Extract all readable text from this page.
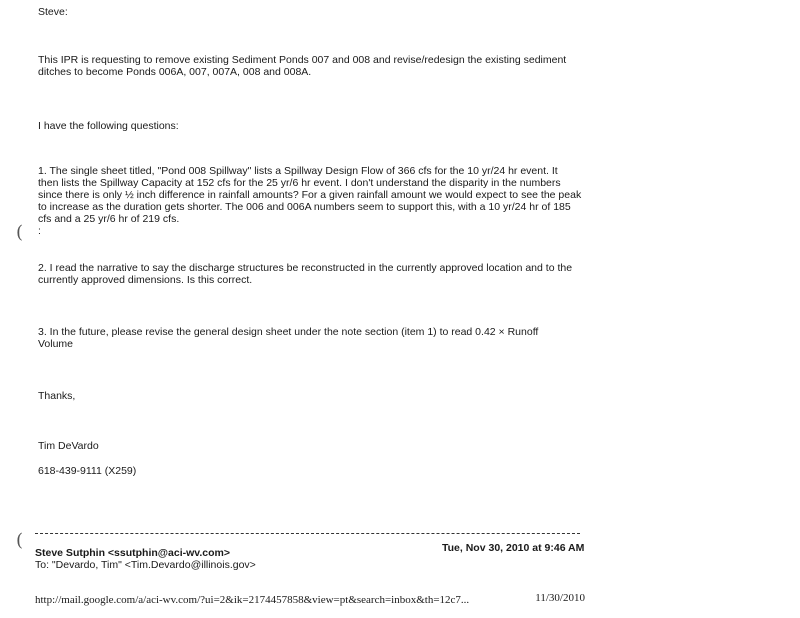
Steve:

This IPR is requesting to remove existing Sediment Ponds 007 and 008 and revise/redesign the existing sediment

ditches to become Ponds 006A, 007, 007A, 008 and 008A.

I have the following questions:

1. The single sheet titled, "Pond 008 Spillway" lists a Spillway Design Flow of 366 cfs for the 10 yr/24 hr event. It

then lists the Spillway Capacity at 152 cfs for the 25 yr/6 hr event. I don't understand the disparity in the numbers

since there is only ½ inch difference in rainfall amounts? For a given rainfall amount we would expect to see the peak

to increase as the duration gets shorter. The 006 and 006A numbers seem to support this, with a 10 yr/24 hr of 185

cfs and a 25 yr/6 hr of 219 cfs.

:

(

2. I read the narrative to say the discharge structures be reconstructed in the currently approved location and to the

currently approved dimensions. Is this correct.

3. In the future, please revise the general design sheet under the note section (item 1) to read 0.42 × Runoff

Volume

Thanks,
Tim DeVardo
618-439-9111 (X259)
(
Steve Sutphin <ssutphin@aci-wv.com>	Tue, Nov 30, 2010 at 9:46 AM
To: "Devardo, Tim" <Tim.Devardo@illinois.gov>
http://mail.google.com/a/aci-wv.com/?ui=2&ik=2174457858&view=pt&search=inbox&th=12c7...	11/30/2010
